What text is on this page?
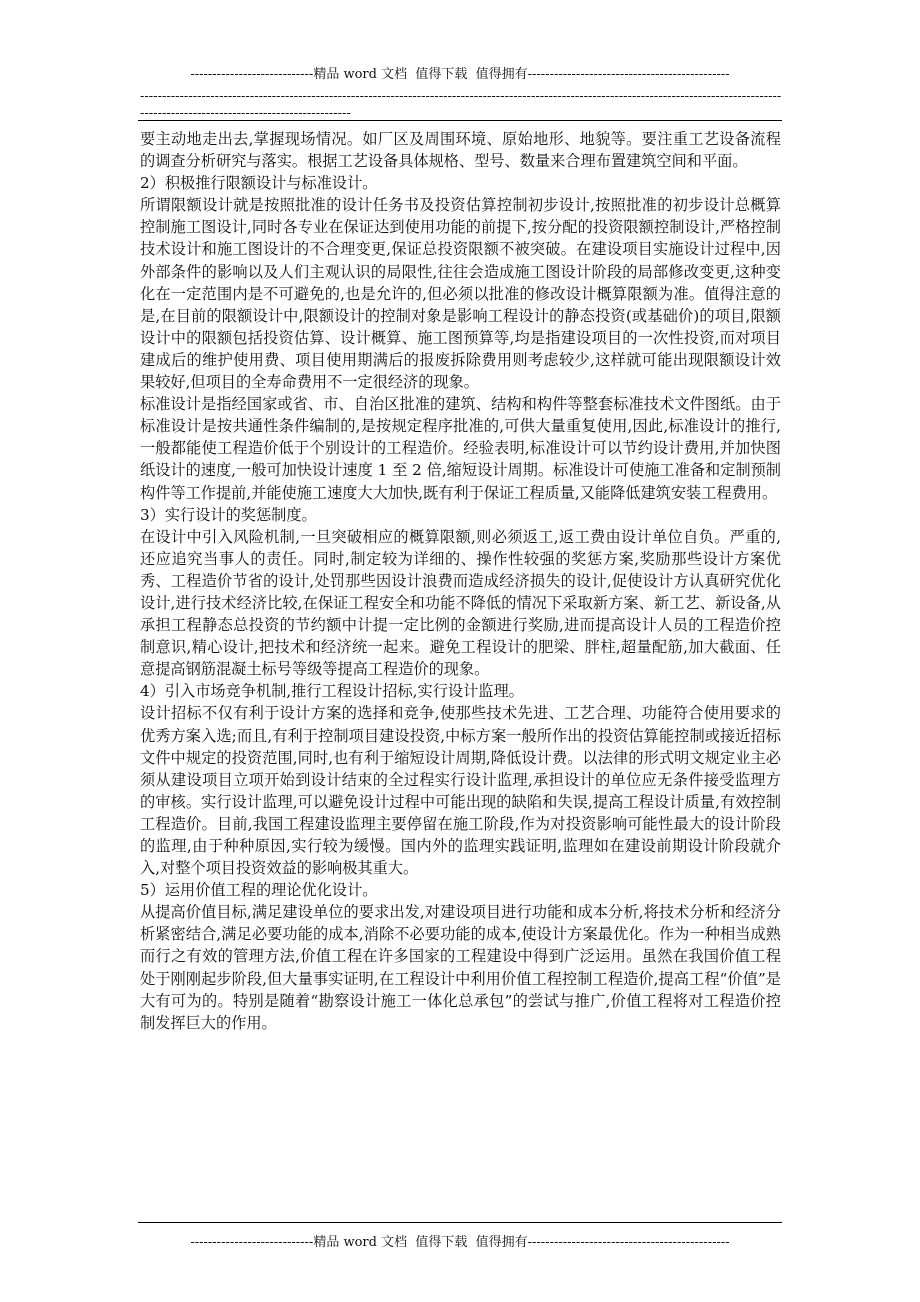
----------------------------精品 word 文档  值得下载  值得拥有----------------------------------------------
--------------------------------------------------------------------------------------------------------------------------------------------------------------------------------------------------

要主动地走出去,掌握现场情况。如厂区及周围环境、原始地形、地貌等。要注重工艺设备流程的调查分析研究与落实。根据工艺设备具体规格、型号、数量来合理布置建筑空间和平面。

2）积极推行限额设计与标准设计。

所谓限额设计就是按照批准的设计任务书及投资估算控制初步设计,按照批准的初步设计总概算控制施工图设计,同时各专业在保证达到使用功能的前提下,按分配的投资限额控制设计,严格控制技术设计和施工图设计的不合理变更,保证总投资限额不被突破。在建设项目实施设计过程中,因外部条件的影响以及人们主观认识的局限性,往往会造成施工图设计阶段的局部修改变更,这种变化在一定范围内是不可避免的,也是允许的,但必须以批准的修改设计概算限额为准。值得注意的是,在目前的限额设计中,限额设计的控制对象是影响工程设计的静态投资(或基础价)的项目,限额设计中的限额包括投资估算、设计概算、施工图预算等,均是指建设项目的一次性投资,而对项目建成后的维护使用费、项目使用期满后的报废拆除费用则考虑较少,这样就可能出现限额设计效果较好,但项目的全寿命费用不一定很经济的现象。

标准设计是指经国家或省、市、自治区批准的建筑、结构和构件等整套标准技术文件图纸。由于标准设计是按共通性条件编制的,是按规定程序批准的,可供大量重复使用,因此,标准设计的推行,一般都能使工程造价低于个别设计的工程造价。经验表明,标准设计可以节约设计费用,并加快图纸设计的速度,一般可加快设计速度 1 至 2 倍,缩短设计周期。标准设计可使施工准备和定制预制构件等工作提前,并能使施工速度大大加快,既有利于保证工程质量,又能降低建筑安装工程费用。

3）实行设计的奖惩制度。

在设计中引入风险机制,一旦突破相应的概算限额,则必须返工,返工费由设计单位自负。严重的,还应追究当事人的责任。同时,制定较为详细的、操作性较强的奖惩方案,奖励那些设计方案优秀、工程造价节省的设计,处罚那些因设计浪费而造成经济损失的设计,促使设计方认真研究优化设计,进行技术经济比较,在保证工程安全和功能不降低的情况下采取新方案、新工艺、新设备,从承担工程静态总投资的节约额中计提一定比例的金额进行奖励,进而提高设计人员的工程造价控制意识,精心设计,把技术和经济统一起来。避免工程设计的肥梁、胖柱,超量配筋,加大截面、任意提高钢筋混凝土标号等级等提高工程造价的现象。

4）引入市场竞争机制,推行工程设计招标,实行设计监理。

设计招标不仅有利于设计方案的选择和竞争,使那些技术先进、工艺合理、功能符合使用要求的优秀方案入选;而且,有利于控制项目建设投资,中标方案一般所作出的投资估算能控制或接近招标文件中规定的投资范围,同时,也有利于缩短设计周期,降低设计费。以法律的形式明文规定业主必须从建设项目立项开始到设计结束的全过程实行设计监理,承担设计的单位应无条件接受监理方的审核。实行设计监理,可以避免设计过程中可能出现的缺陷和失误,提高工程设计质量,有效控制工程造价。目前,我国工程建设监理主要停留在施工阶段,作为对投资影响可能性最大的设计阶段的监理,由于种种原因,实行较为缓慢。国内外的监理实践证明,监理如在建设前期设计阶段就介入,对整个项目投资效益的影响极其重大。

5）运用价值工程的理论优化设计。

从提高价值目标,满足建设单位的要求出发,对建设项目进行功能和成本分析,将技术分析和经济分析紧密结合,满足必要功能的成本,消除不必要功能的成本,使设计方案最优化。作为一种相当成熟而行之有效的管理方法,价值工程在许多国家的工程建设中得到广泛运用。虽然在我国价值工程处于刚刚起步阶段,但大量事实证明,在工程设计中利用价值工程控制工程造价,提高工程“价值”是大有可为的。特别是随着“勘察设计施工一体化总承包”的尝试与推广,价值工程将对工程造价控制发挥巨大的作用。

----------------------------精品 word 文档  值得下载  值得拥有----------------------------------------------
